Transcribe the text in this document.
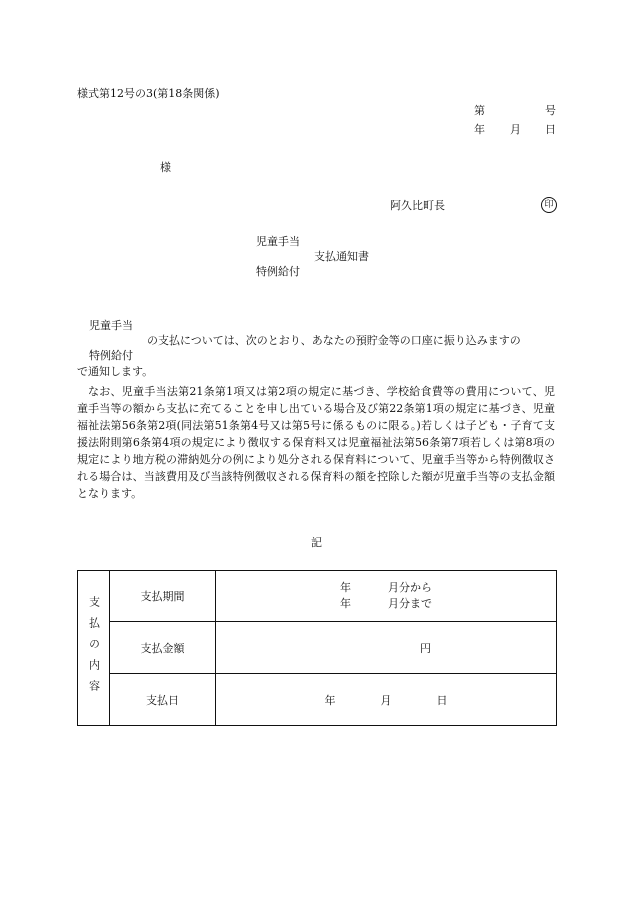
様式第12号の3(第18条関係)
第	号
年 月 日
様
阿久比町長	印
児童手当
支払通知書
特例給付
児童手当
の支払については、次のとおり、あなたの預貯金等の口座に振り込みますの
特例給付
で通知します。

なお、児童手当法第21条第1項又は第2項の規定に基づき、学校給食費等の費用について、児童手当等の額から支払に充てることを申し出ている場合及び第22条第1項の規定に基づき、児童福祉法第56条第2項(同法第51条第4号又は第5号に係るものに限る。)若しくは子ども・子育て支援法附則第6条第4項の規定により徴収する保育料又は児童福祉法第56条第7項若しくは第8項の規定により地方税の滞納処分の例により処分される保育料について、児童手当等から特例徴収される場合は、当該費用及び当該特例徴収される保育料の額を控除した額が児童手当等の支払金額となります。

記
支払の内容	支払期間	年 月分から
年 月分まで

	支払金額	円
	支払日	年 月 日
